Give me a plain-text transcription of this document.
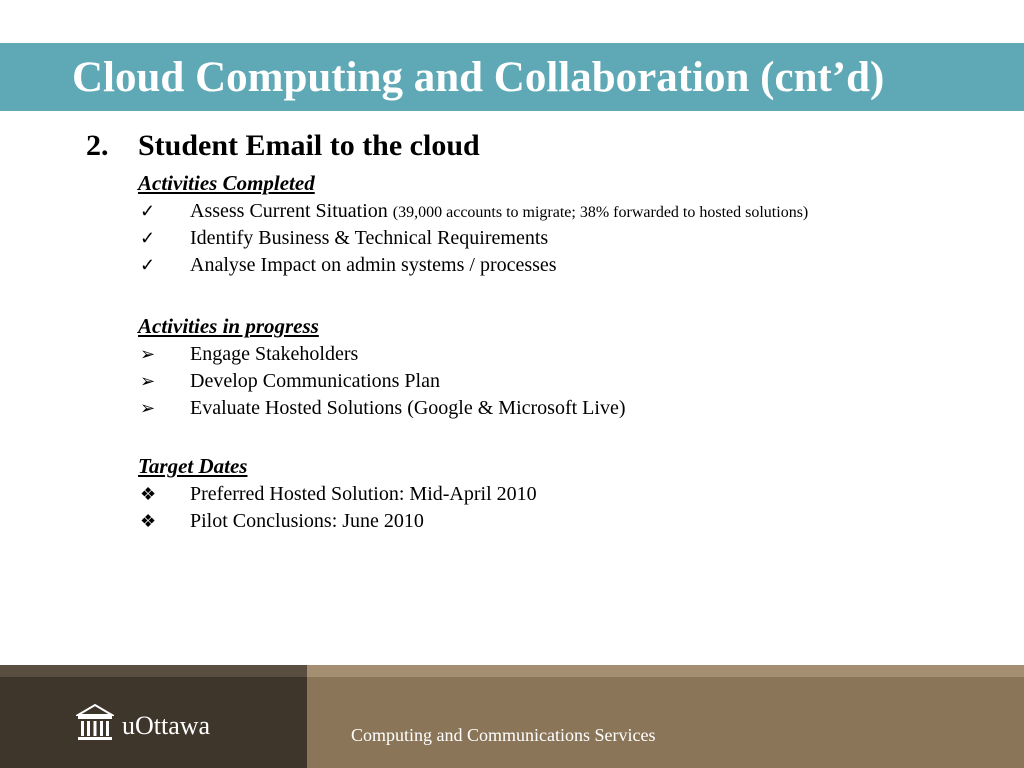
Cloud Computing and Collaboration (cnt’d)
2. Student Email to the cloud
Activities Completed
✓ Assess Current Situation (39,000 accounts to migrate; 38% forwarded to hosted solutions)
✓ Identify Business & Technical Requirements
✓ Analyse Impact on admin systems / processes
Activities in progress
➢ Engage Stakeholders
➢ Develop Communications Plan
➢ Evaluate Hosted Solutions (Google & Microsoft Live)
Target Dates
❖ Preferred Hosted Solution: Mid-April 2010
❖ Pilot Conclusions: June 2010
uOttawa	Computing and Communications Services
